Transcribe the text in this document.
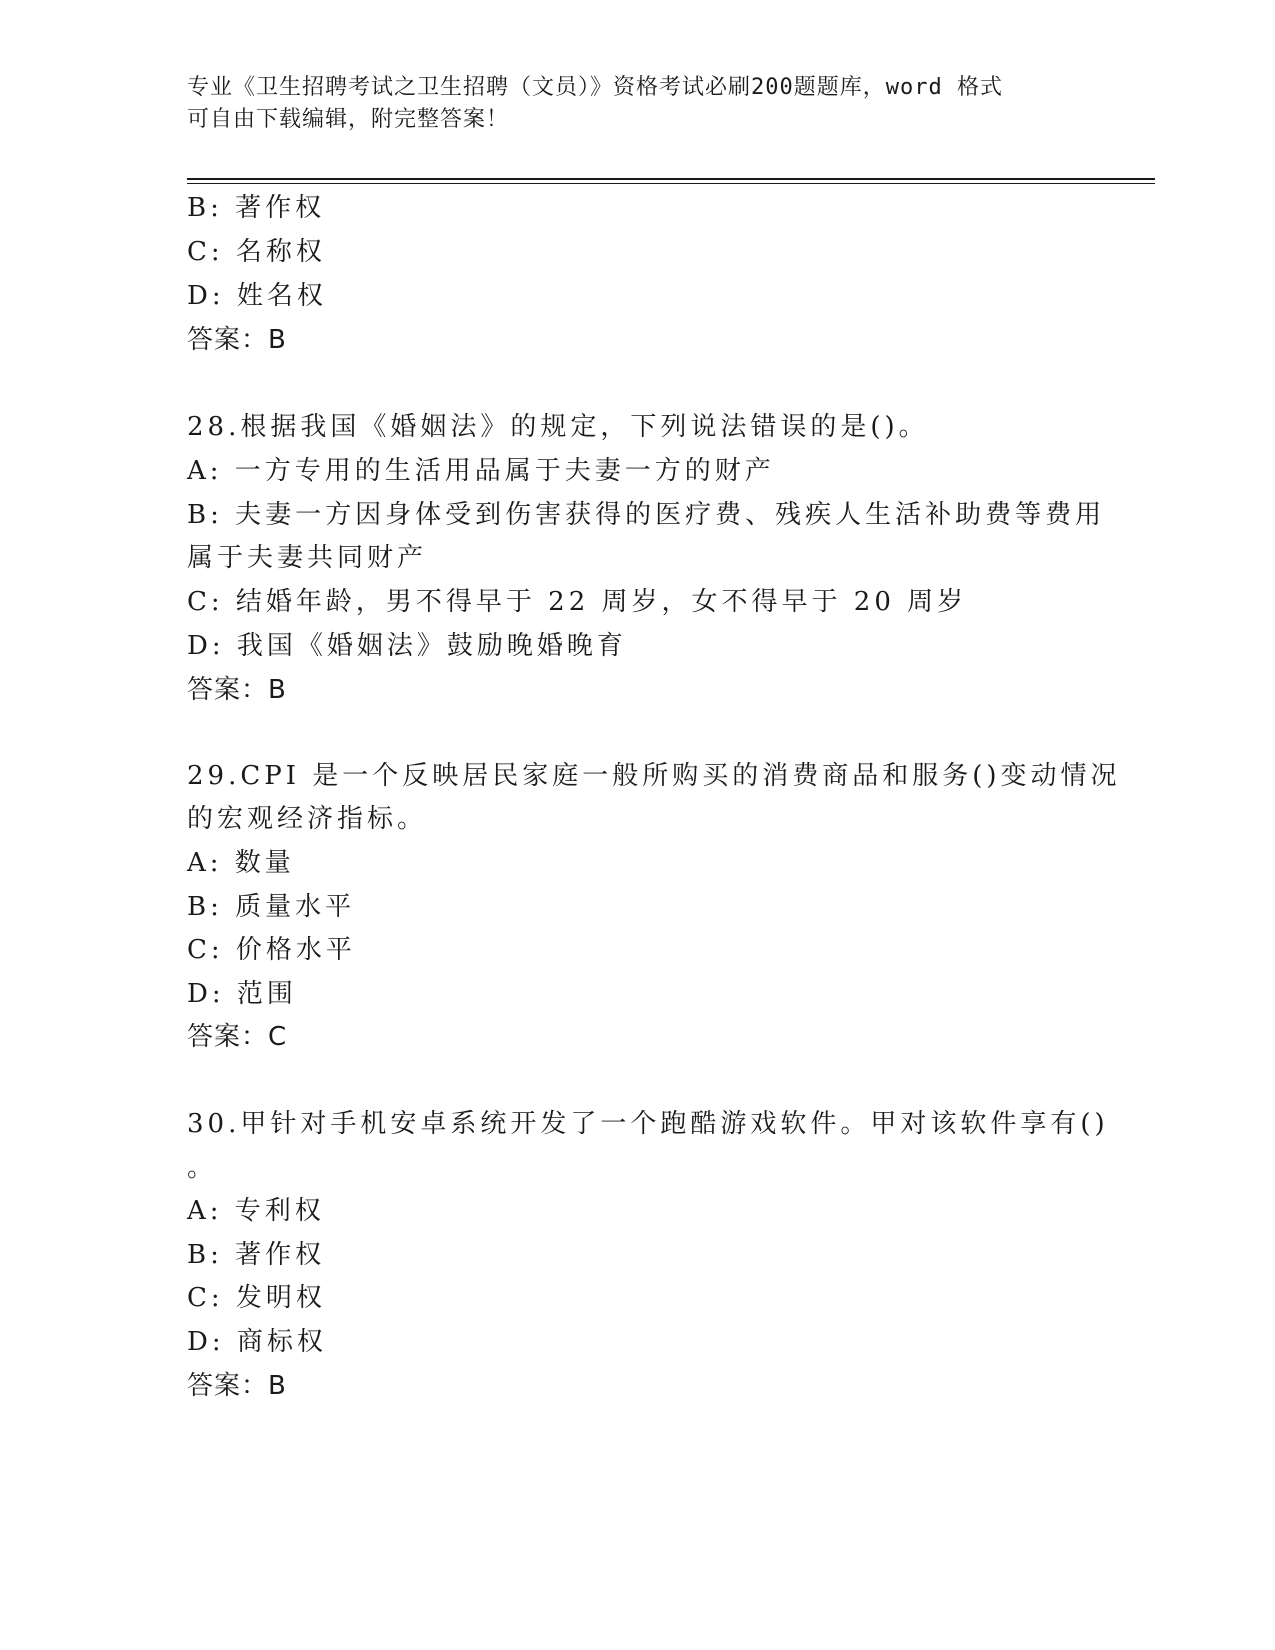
专业《卫生招聘考试之卫生招聘（文员）》资格考试必刷200题题库，word 格式
可自由下载编辑，附完整答案！
B: 著作权
C: 名称权
D: 姓名权
答案：B
28.根据我国《婚姻法》的规定，下列说法错误的是()。
A: 一方专用的生活用品属于夫妻一方的财产
B: 夫妻一方因身体受到伤害获得的医疗费、残疾人生活补助费等费用
属于夫妻共同财产
C: 结婚年龄，男不得早于 22 周岁，女不得早于 20 周岁
D: 我国《婚姻法》鼓励晚婚晚育
答案：B
29.CPI 是一个反映居民家庭一般所购买的消费商品和服务()变动情况
的宏观经济指标。
A: 数量
B: 质量水平
C: 价格水平
D: 范围
答案：C
30.甲针对手机安卓系统开发了一个跑酷游戏软件。甲对该软件享有()
。
A: 专利权
B: 著作权
C: 发明权
D: 商标权
答案：B
